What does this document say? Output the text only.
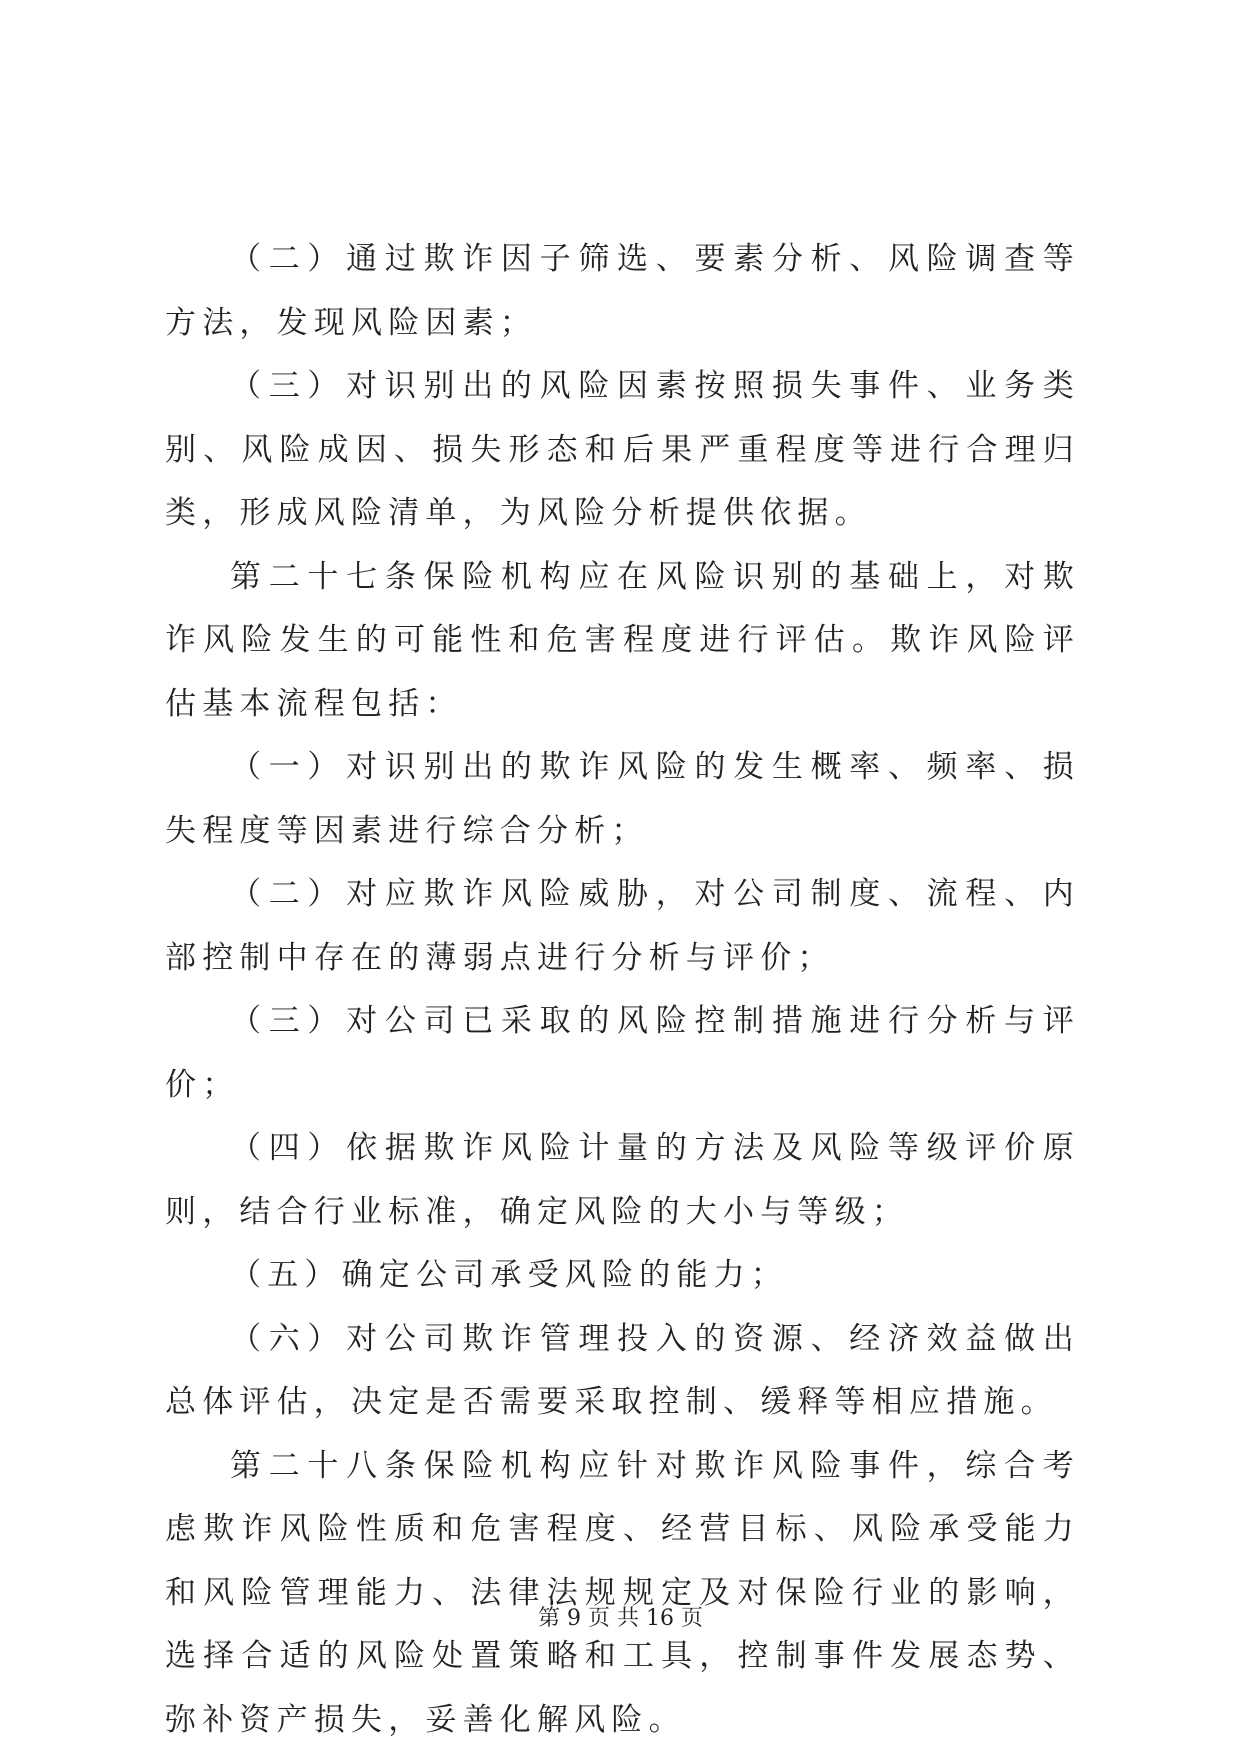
（二）通过欺诈因子筛选、要素分析、风险调查等方法，发现风险因素；

（三）对识别出的风险因素按照损失事件、业务类别、风险成因、损失形态和后果严重程度等进行合理归类，形成风险清单，为风险分析提供依据。

第二十七条保险机构应在风险识别的基础上，对欺诈风险发生的可能性和危害程度进行评估。欺诈风险评估基本流程包括：

（一）对识别出的欺诈风险的发生概率、频率、损失程度等因素进行综合分析；

（二）对应欺诈风险威胁，对公司制度、流程、内部控制中存在的薄弱点进行分析与评价；

（三）对公司已采取的风险控制措施进行分析与评价；

（四）依据欺诈风险计量的方法及风险等级评价原则，结合行业标准，确定风险的大小与等级；

（五）确定公司承受风险的能力；

（六）对公司欺诈管理投入的资源、经济效益做出总体评估，决定是否需要采取控制、缓释等相应措施。

第二十八条保险机构应针对欺诈风险事件，综合考虑欺诈风险性质和危害程度、经营目标、风险承受能力和风险管理能力、法律法规规定及对保险行业的影响，选择合适的风险处置策略和工具，控制事件发展态势、弥补资产损失，妥善化解风险。

第 9 页 共 16 页
